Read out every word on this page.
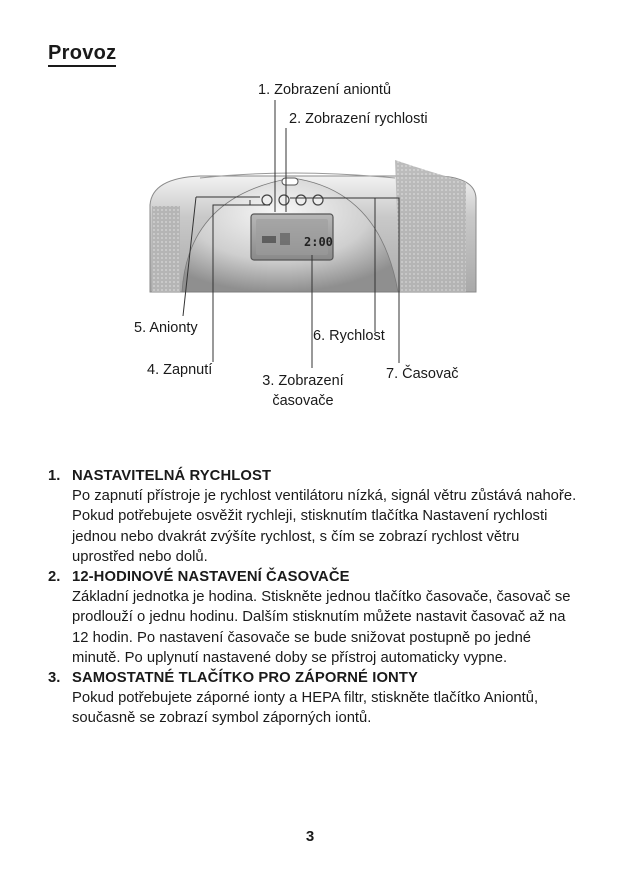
Provoz
2:00
1. Zobrazení aniontů
2. Zobrazení rychlosti
5. Anionty	6. Rychlost
4. Zapnutí
3. Zobrazení časovače
7. Časovač
1. NASTAVITELNÁ RYCHLOST
Po zapnutí přístroje je rychlost ventilátoru nízká, signál větru zůstává nahoře. Pokud potřebujete osvěžit rychleji, stisknutím tlačítka Nastavení rychlosti jednou nebo dvakrát zvýšíte rychlost, s čím se zobrazí rychlost větru uprostřed nebo dolů.
2. 12-HODINOVÉ NASTAVENÍ ČASOVAČE
Základní jednotka je hodina. Stiskněte jednou tlačítko časovače, časovač se prodlouží o jednu hodinu. Dalším stisknutím můžete nastavit časovač až na 12 hodin. Po nastavení časovače se bude snižovat postupně po jedné minutě. Po uplynutí nastavené doby se přístroj automaticky vypne.
3. SAMOSTATNÉ TLAČÍTKO PRO ZÁPORNÉ IONTY
Pokud potřebujete záporné ionty a HEPA filtr, stiskněte tlačítko Aniontů, současně se zobrazí symbol záporných iontů.
3
